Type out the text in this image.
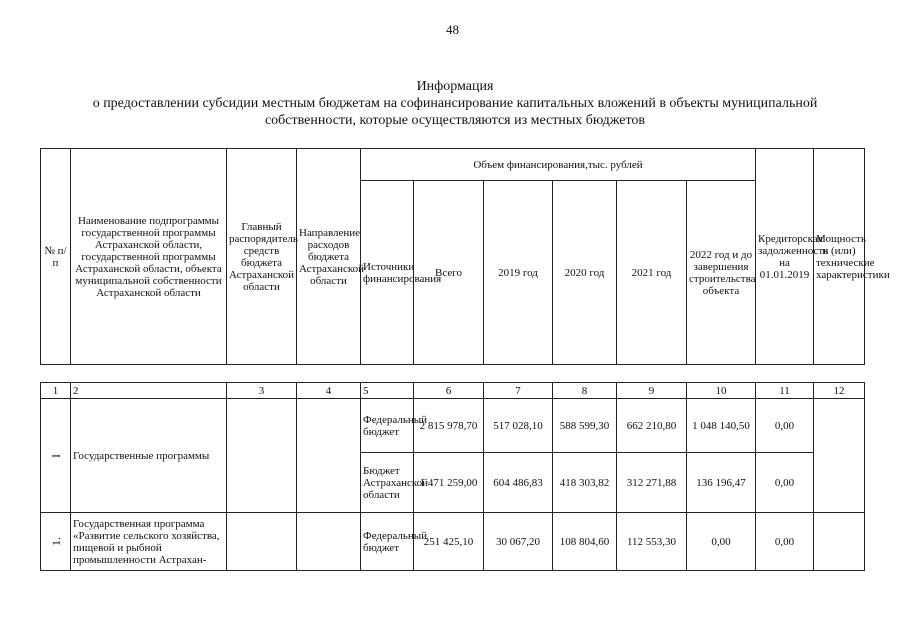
48
Информация
о предоставлении субсидии местным бюджетам на софинансирование капитальных вложений в объекты муниципальной собственности, которые осуществляются из местных бюджетов
№ п/п	Наименование подпрограммы государственной программы Астраханской области, государственной программы Астраханской области, объекта муниципальной собственности Астраханской области	Главный распорядитель средств бюджета Астраханской области	Направление расходов бюджета Астраханской области	Объем финансирования,тыс. рублей						Кредиторская задолженность на 01.01.2019	Мощность и (или) технические характеристики
				Источники финансирования	Всего	2019 год	2020 год	2021 год	2022 год и до завершения строительства объекта		
1	2	3	4	5	6	7	8	9	10	11	12

I	Государственные программы			Федеральный бюджет	2 815 978,70	517 028,10	588 599,30	662 210,80	1 048 140,50	0,00	
				Бюджет Астраханской области	1 471 259,00	604 486,83	418 303,82	312 271,88	136 196,47	0,00	

1.	Государственная программа «Развитие сельского хозяйства, пищевой и рыбной промышленности Астрахан-			Федеральный бюджет	251 425,10	30 067,20	108 804,60	112 553,30	0,00	0,00	
